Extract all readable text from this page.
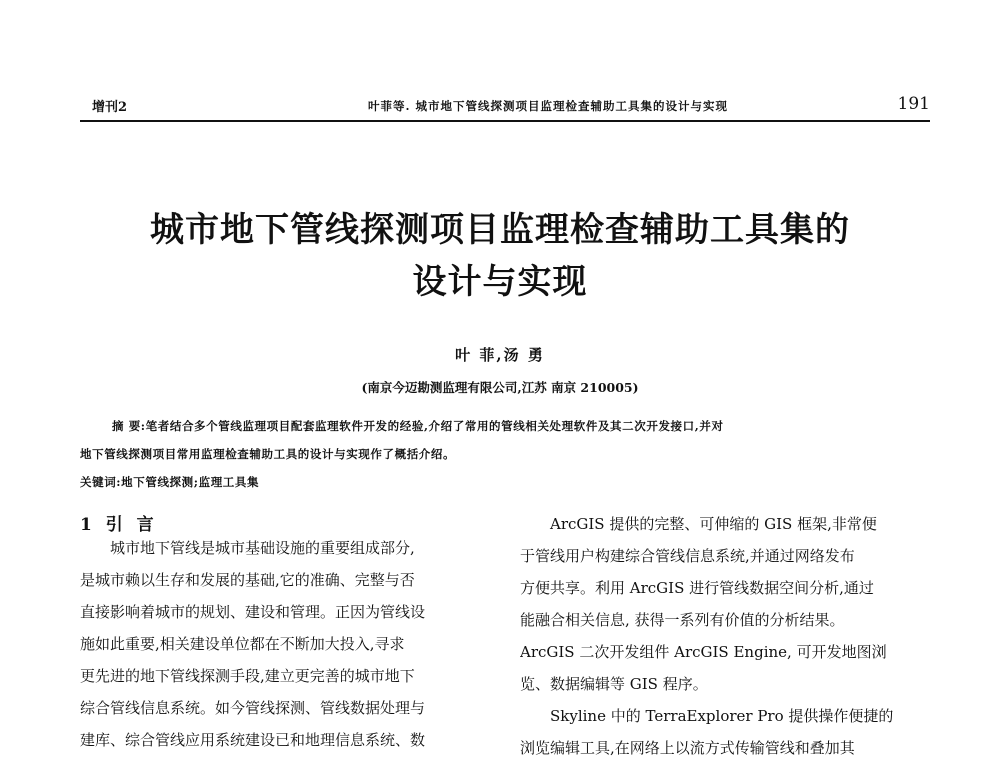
增刊2	叶菲等. 城市地下管线探测项目监理检查辅助工具集的设计与实现	191
城市地下管线探测项目监理检查辅助工具集的
设计与实现
叶 菲,汤 勇
(南京今迈勘测监理有限公司,江苏 南京 210005)
摘 要:笔者结合多个管线监理项目配套监理软件开发的经验,介绍了常用的管线相关处理软件及其二次开发接口,并对
地下管线探测项目常用监理检查辅助工具的设计与实现作了概括介绍。
关键词:地下管线探测;监理工具集
1 引 言
城市地下管线是城市基础设施的重要组成部分,
是城市赖以生存和发展的基础,它的准确、完整与否
直接影响着城市的规划、建设和管理。正因为管线设
施如此重要,相关建设单位都在不断加大投入,寻求
更先进的地下管线探测手段,建立更完善的城市地下
综合管线信息系统。如今管线探测、管线数据处理与
建库、综合管线应用系统建设已和地理信息系统、数
ArcGIS 提供的完整、可伸缩的 GIS 框架,非常便
于管线用户构建综合管线信息系统,并通过网络发布
方便共享。利用 ArcGIS 进行管线数据空间分析,通过
能融合相关信息, 获得一系列有价值的分析结果。
ArcGIS 二次开发组件 ArcGIS Engine, 可开发地图浏
览、数据编辑等 GIS 程序。
Skyline 中的 TerraExplorer Pro 提供操作便捷的
浏览编辑工具,在网络上以流方式传输管线和叠加其
